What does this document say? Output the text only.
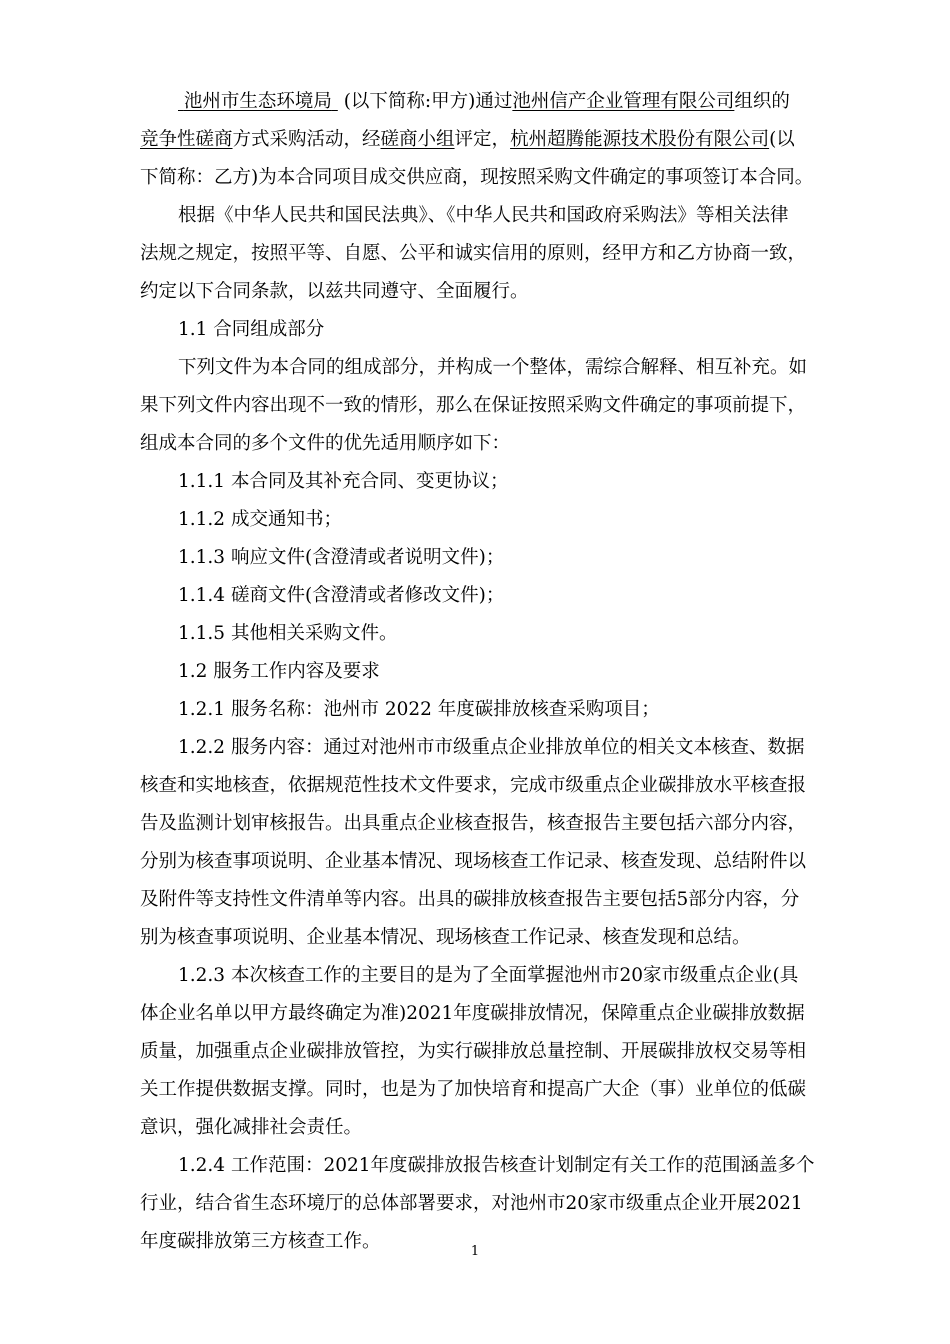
池州市生态环境局 (以下简称:甲方)通过池州信产企业管理有限公司组织的
竞争性磋商方式采购活动，经磋商小组评定，杭州超腾能源技术股份有限公司(以
下简称：乙方)为本合同项目成交供应商，现按照采购文件确定的事项签订本合同。
根据《中华人民共和国民法典》、《中华人民共和国政府采购法》等相关法律
法规之规定，按照平等、自愿、公平和诚实信用的原则，经甲方和乙方协商一致，
约定以下合同条款，以兹共同遵守、全面履行。
1.1 合同组成部分
下列文件为本合同的组成部分，并构成一个整体，需综合解释、相互补充。如
果下列文件内容出现不一致的情形，那么在保证按照采购文件确定的事项前提下，
组成本合同的多个文件的优先适用顺序如下：
1.1.1 本合同及其补充合同、变更协议；
1.1.2 成交通知书；
1.1.3 响应文件(含澄清或者说明文件)；
1.1.4 磋商文件(含澄清或者修改文件)；
1.1.5 其他相关采购文件。
1.2 服务工作内容及要求
1.2.1 服务名称：池州市 2022 年度碳排放核查采购项目；
1.2.2 服务内容：通过对池州市市级重点企业排放单位的相关文本核查、数据
核查和实地核查，依据规范性技术文件要求，完成市级重点企业碳排放水平核查报
告及监测计划审核报告。出具重点企业核查报告，核查报告主要包括六部分内容，
分别为核查事项说明、企业基本情况、现场核查工作记录、核查发现、总结附件以
及附件等支持性文件清单等内容。出具的碳排放核查报告主要包括5部分内容，分
别为核查事项说明、企业基本情况、现场核查工作记录、核查发现和总结。
1.2.3 本次核查工作的主要目的是为了全面掌握池州市20家市级重点企业(具
体企业名单以甲方最终确定为准)2021年度碳排放情况，保障重点企业碳排放数据
质量，加强重点企业碳排放管控，为实行碳排放总量控制、开展碳排放权交易等相
关工作提供数据支撑。同时，也是为了加快培育和提高广大企（事）业单位的低碳
意识，强化减排社会责任。
1.2.4 工作范围：2021年度碳排放报告核查计划制定有关工作的范围涵盖多个
行业，结合省生态环境厅的总体部署要求，对池州市20家市级重点企业开展2021
年度碳排放第三方核查工作。	1
